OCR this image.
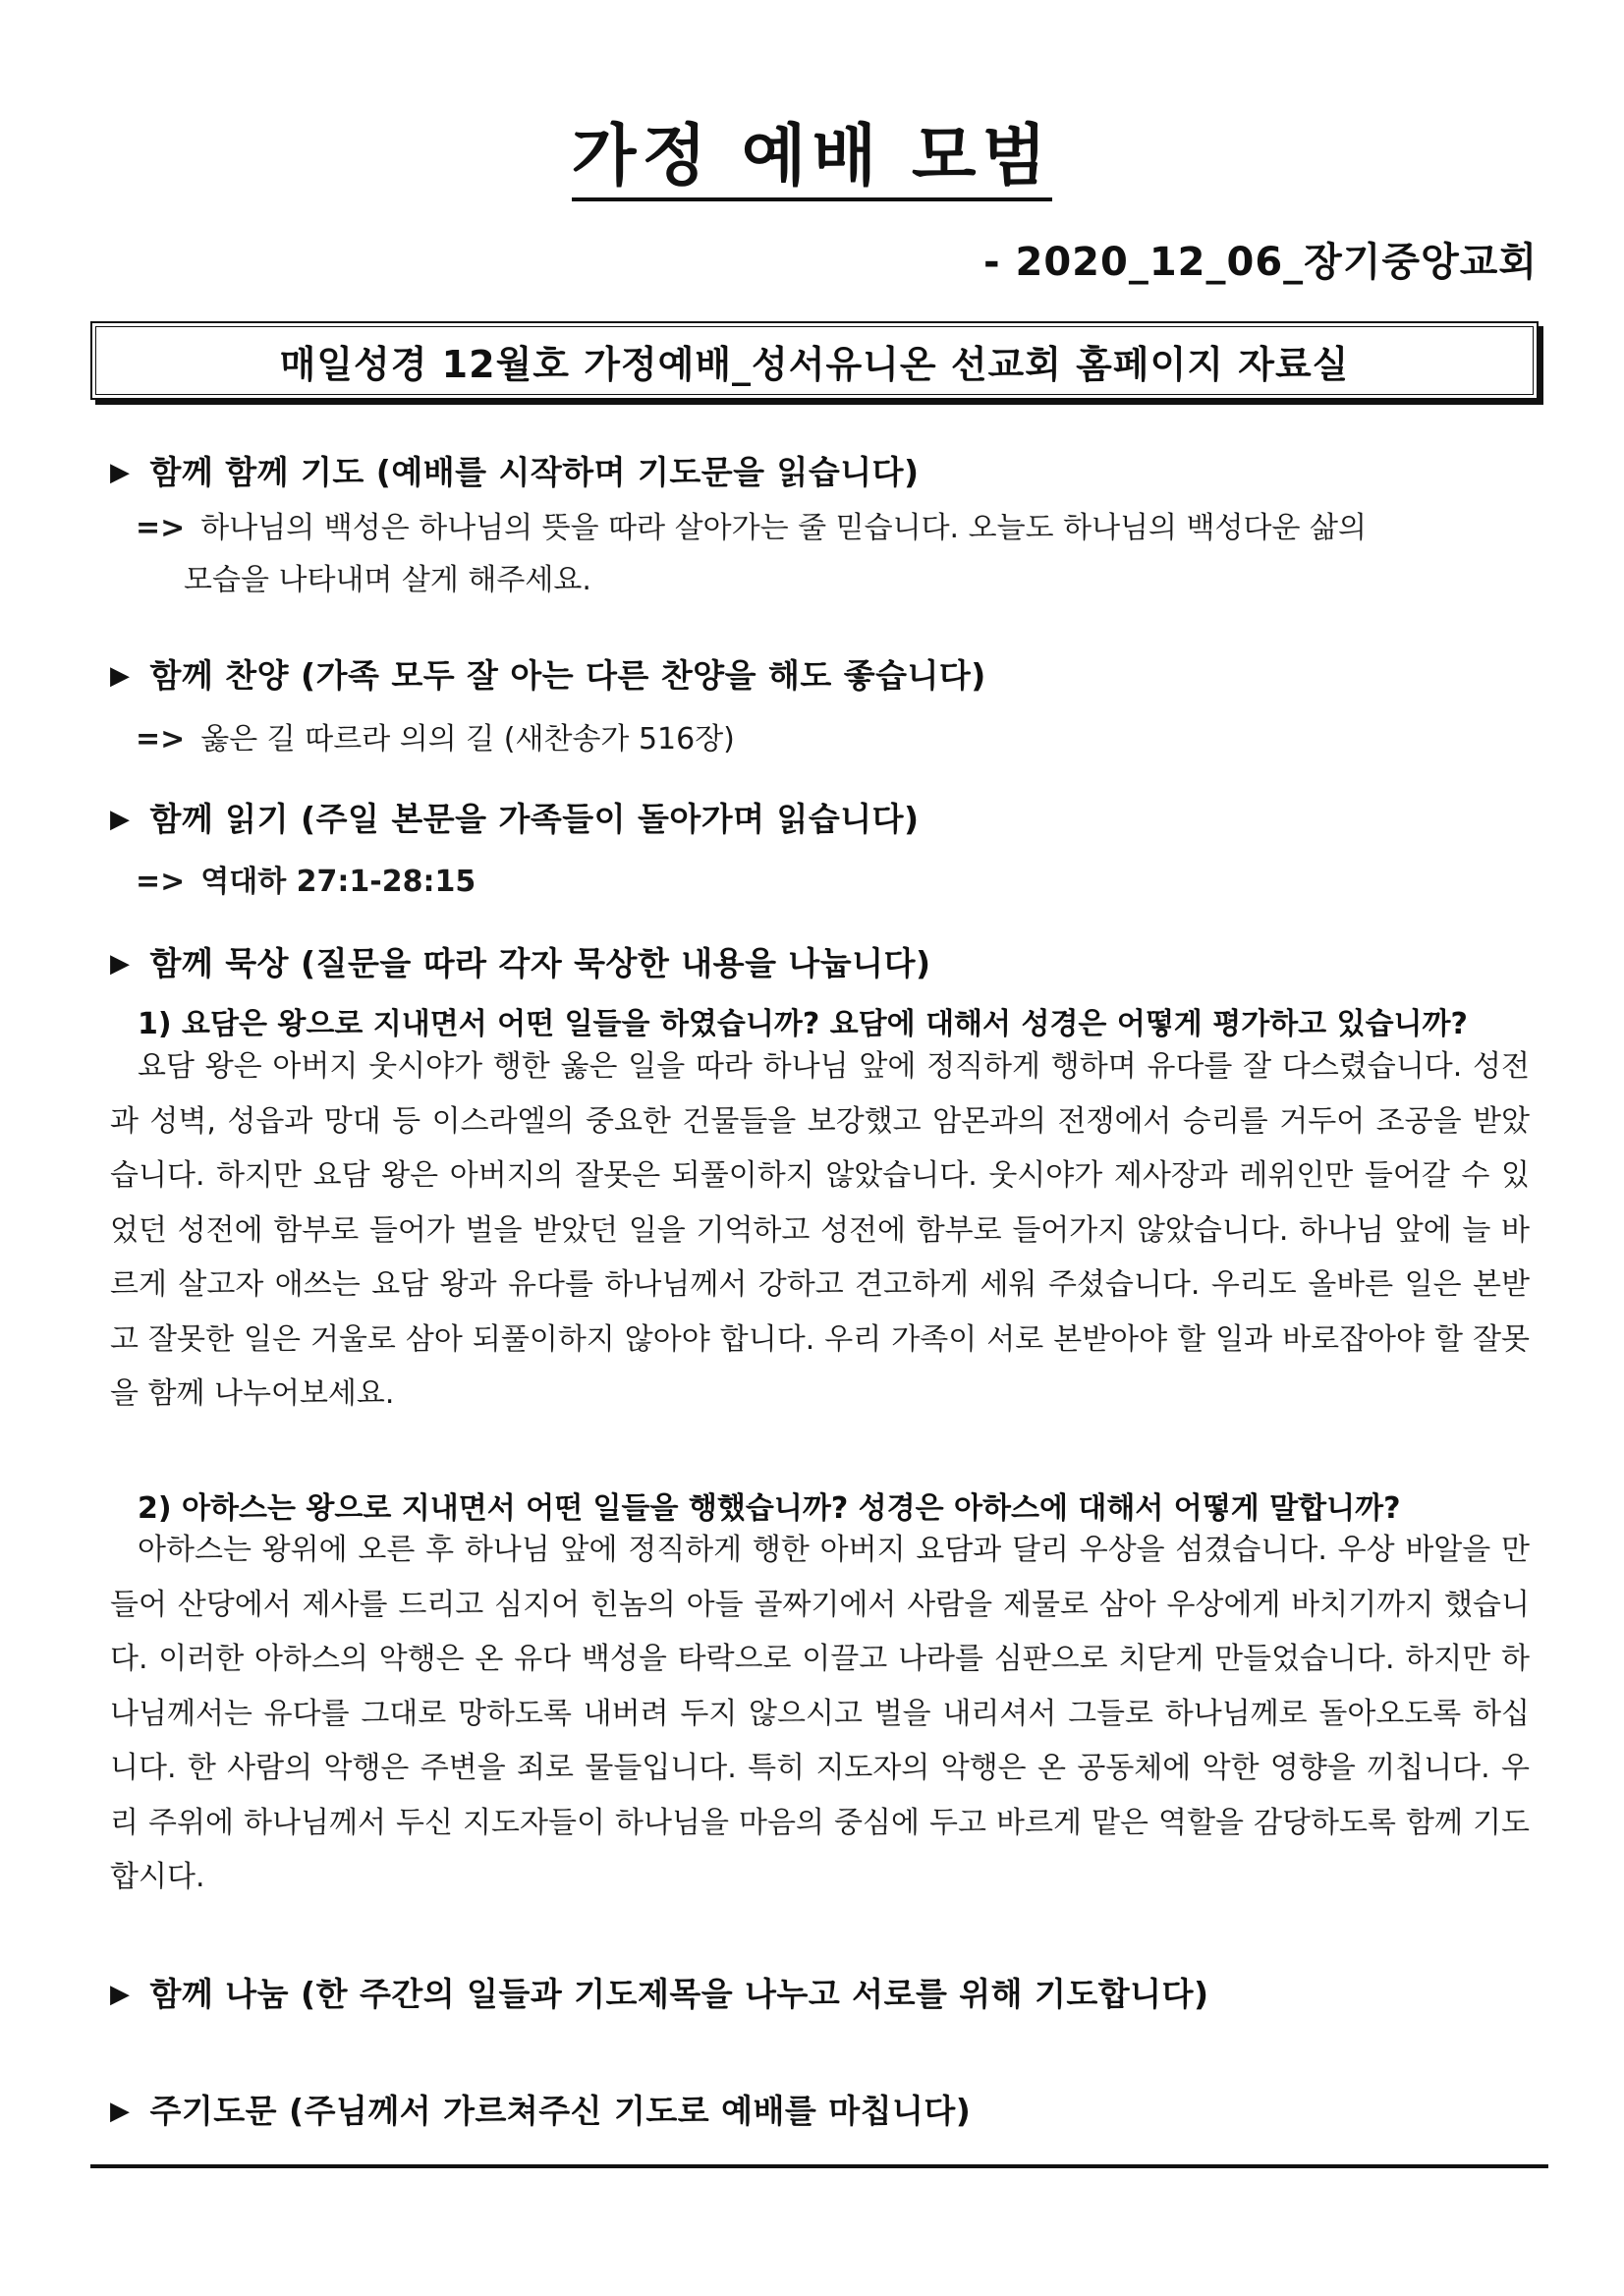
가정 예배 모범
- 2020_12_06_장기중앙교회
매일성경 12월호 가정예배_성서유니온 선교회 홈페이지 자료실
▶ 함께 함께 기도 (예배를 시작하며 기도문을 읽습니다)
=> 하나님의 백성은 하나님의 뜻을 따라 살아가는 줄 믿습니다. 오늘도 하나님의 백성다운 삶의
모습을 나타내며 살게 해주세요.
▶ 함께 찬양 (가족 모두 잘 아는 다른 찬양을 해도 좋습니다)
=> 옳은 길 따르라 의의 길 (새찬송가 516장)
▶ 함께 읽기 (주일 본문을 가족들이 돌아가며 읽습니다)
=> 역대하 27:1-28:15
▶ 함께 묵상 (질문을 따라 각자 묵상한 내용을 나눕니다)
1) 요담은 왕으로 지내면서 어떤 일들을 하였습니까? 요담에 대해서 성경은 어떻게 평가하고 있습니까?

요담 왕은 아버지 웃시야가 행한 옳은 일을 따라 하나님 앞에 정직하게 행하며 유다를 잘 다스렸습니다. 성전과 성벽, 성읍과 망대 등 이스라엘의 중요한 건물들을 보강했고 암몬과의 전쟁에서 승리를 거두어 조공을 받았습니다. 하지만 요담 왕은 아버지의 잘못은 되풀이하지 않았습니다. 웃시야가 제사장과 레위인만 들어갈 수 있었던 성전에 함부로 들어가 벌을 받았던 일을 기억하고 성전에 함부로 들어가지 않았습니다. 하나님 앞에 늘 바르게 살고자 애쓰는 요담 왕과 유다를 하나님께서 강하고 견고하게 세워 주셨습니다. 우리도 올바른 일은 본받고 잘못한 일은 거울로 삼아 되풀이하지 않아야 합니다. 우리 가족이 서로 본받아야 할 일과 바로잡아야 할 잘못을 함께 나누어보세요.

2) 아하스는 왕으로 지내면서 어떤 일들을 행했습니까? 성경은 아하스에 대해서 어떻게 말합니까?

아하스는 왕위에 오른 후 하나님 앞에 정직하게 행한 아버지 요담과 달리 우상을 섬겼습니다. 우상 바알을 만들어 산당에서 제사를 드리고 심지어 힌놈의 아들 골짜기에서 사람을 제물로 삼아 우상에게 바치기까지 했습니다. 이러한 아하스의 악행은 온 유다 백성을 타락으로 이끌고 나라를 심판으로 치닫게 만들었습니다. 하지만 하나님께서는 유다를 그대로 망하도록 내버려 두지 않으시고 벌을 내리셔서 그들로 하나님께로 돌아오도록 하십니다. 한 사람의 악행은 주변을 죄로 물들입니다. 특히 지도자의 악행은 온 공동체에 악한 영향을 끼칩니다. 우리 주위에 하나님께서 두신 지도자들이 하나님을 마음의 중심에 두고 바르게 맡은 역할을 감당하도록 함께 기도합시다.

▶ 함께 나눔 (한 주간의 일들과 기도제목을 나누고 서로를 위해 기도합니다)
▶ 주기도문 (주님께서 가르쳐주신 기도로 예배를 마칩니다)
